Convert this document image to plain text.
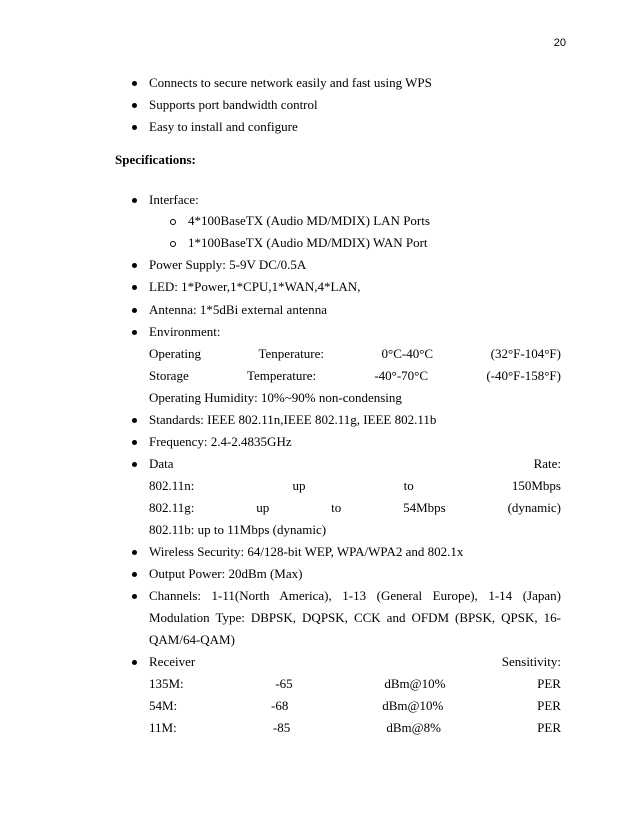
20
Connects to secure network easily and fast using WPS
Supports port bandwidth control
Easy to install and configure
Specifications:
Interface:
4*100BaseTX (Audio MD/MDIX) LAN Ports
1*100BaseTX (Audio MD/MDIX) WAN Port
Power Supply: 5-9V DC/0.5A
LED: 1*Power,1*CPU,1*WAN,4*LAN,
Antenna: 1*5dBi external antenna
Environment:
Operating	Tenperature:	0°C-40°C	(32°F-104°F)
Storage	Temperature:	-40°-70°C	(-40°F-158°F)
Operating Humidity: 10%~90% non-condensing
Standards: IEEE 802.11n,IEEE 802.11g, IEEE 802.11b
Frequency: 2.4-2.4835GHz
Data	Rate:
802.11n:	up	to	150Mbps
802.11g:	up	to	54Mbps	(dynamic)
802.11b: up to 11Mbps (dynamic)
Wireless Security: 64/128-bit WEP, WPA/WPA2 and 802.1x
Output Power: 20dBm (Max)
Channels: 1-11(North America), 1-13 (General Europe), 1-14 (Japan)
Modulation Type: DBPSK, DQPSK, CCK and OFDM (BPSK, QPSK, 16-
QAM/64-QAM)
Receiver	Sensitivity:
135M:	-65	dBm@10%	PER
54M:	-68	dBm@10%	PER
11M:	-85	dBm@8%	PER
